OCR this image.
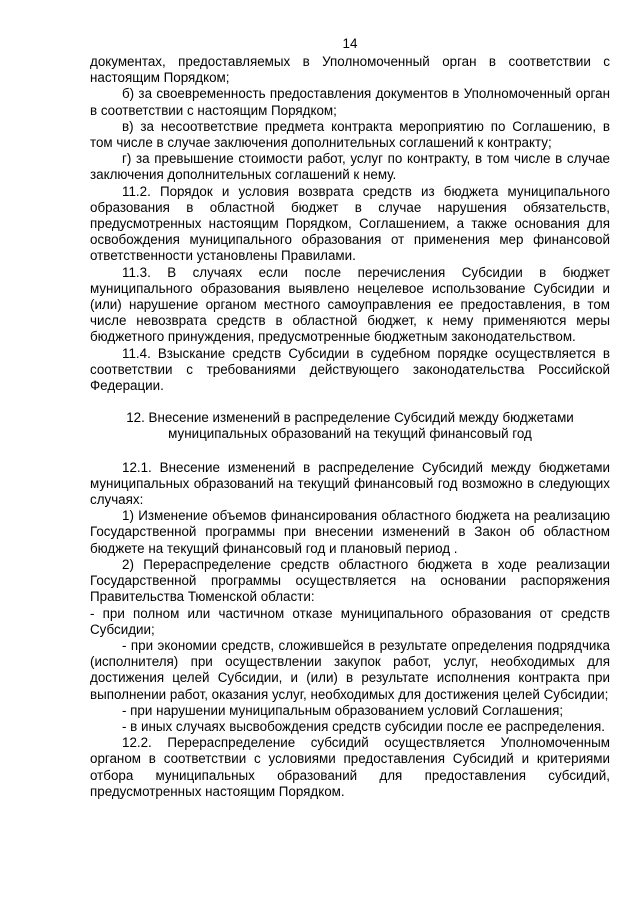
14

документах, предоставляемых в Уполномоченный орган в соответствии с настоящим Порядком;

б) за своевременность предоставления документов в Уполномоченный орган в соответствии с настоящим Порядком;

в) за несоответствие предмета контракта мероприятию по Соглашению, в том числе в случае заключения дополнительных соглашений к контракту;

г) за превышение стоимости работ, услуг по контракту, в том числе в случае заключения дополнительных соглашений к нему.

11.2. Порядок и условия возврата средств из бюджета муниципального образования в областной бюджет в случае нарушения обязательств, предусмотренных настоящим Порядком, Соглашением, а также основания для освобождения муниципального образования от применения мер финансовой ответственности установлены Правилами.

11.3. В случаях если после перечисления Субсидии в бюджет муниципального образования выявлено нецелевое использование Субсидии и (или) нарушение органом местного самоуправления ее предоставления, в том числе невозврата средств в областной бюджет, к нему применяются меры бюджетного принуждения, предусмотренные бюджетным законодательством.

11.4. Взыскание средств Субсидии в судебном порядке осуществляется в соответствии с требованиями действующего законодательства Российской Федерации.

12. Внесение изменений в распределение Субсидий между бюджетами муниципальных образований на текущий финансовый год

12.1. Внесение изменений в распределение Субсидий между бюджетами муниципальных образований на текущий финансовый год возможно в следующих случаях:

1) Изменение объемов финансирования областного бюджета на реализацию Государственной программы при внесении изменений в Закон об областном бюджете на текущий финансовый год и плановый период .

2) Перераспределение средств областного бюджета в ходе реализации Государственной программы осуществляется на основании распоряжения Правительства Тюменской области:

- при полном или частичном отказе муниципального образования от средств Субсидии;

- при экономии средств, сложившейся в результате определения подрядчика (исполнителя) при осуществлении закупок работ, услуг, необходимых для достижения целей Субсидии, и (или) в результате исполнения контракта при выполнении работ, оказания услуг, необходимых для достижения целей Субсидии;

- при нарушении муниципальным образованием условий Соглашения;

- в иных случаях высвобождения средств субсидии после ее распределения.

12.2. Перераспределение субсидий осуществляется Уполномоченным органом в соответствии с условиями предоставления Субсидий и критериями отбора муниципальных образований для предоставления субсидий, предусмотренных настоящим Порядком.
